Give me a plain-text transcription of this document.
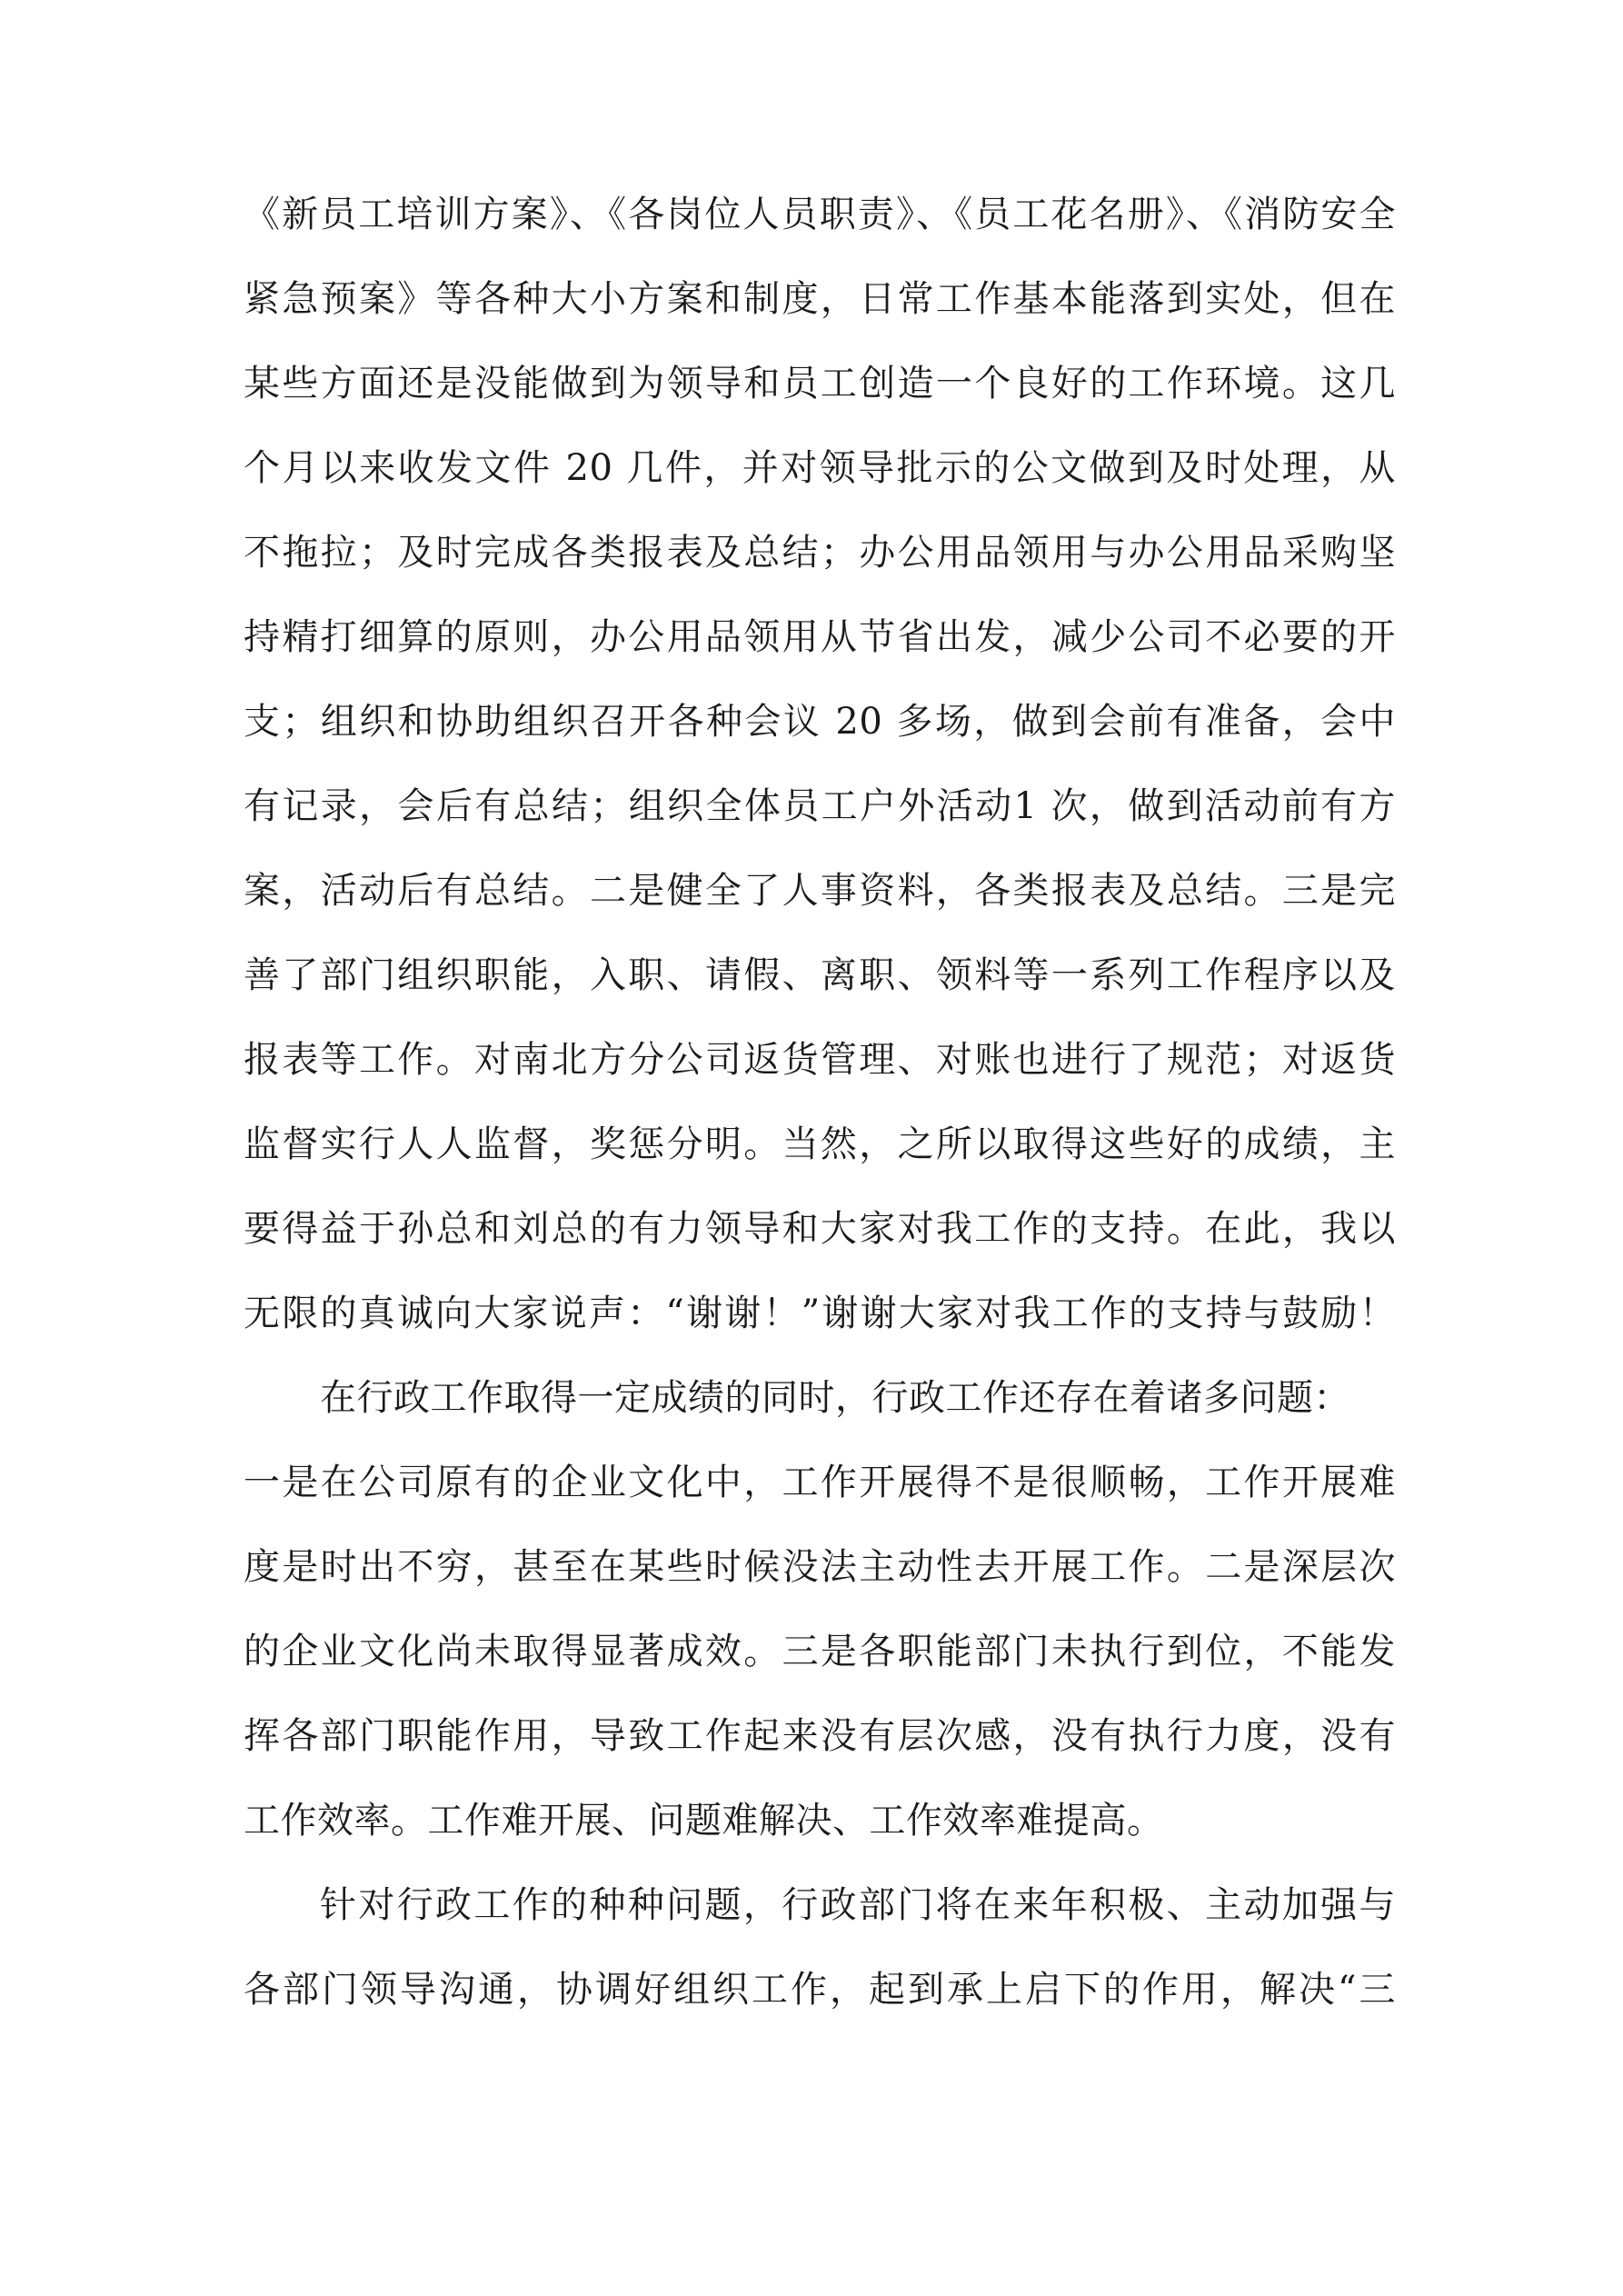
《新员工培训方案》、《各岗位人员职责》、《员工花名册》、《消防安全
紧急预案》等各种大小方案和制度，日常工作基本能落到实处，但在
某些方面还是没能做到为领导和员工创造一个良好的工作环境。这几
个月以来收发文件 20 几件，并对领导批示的公文做到及时处理，从
不拖拉；及时完成各类报表及总结；办公用品领用与办公用品采购坚
持精打细算的原则，办公用品领用从节省出发，减少公司不必要的开
支；组织和协助组织召开各种会议 20 多场，做到会前有准备，会中
有记录，会后有总结；组织全体员工户外活动1 次，做到活动前有方
案，活动后有总结。二是健全了人事资料，各类报表及总结。三是完
善了部门组织职能，入职、请假、离职、领料等一系列工作程序以及
报表等工作。对南北方分公司返货管理、对账也进行了规范；对返货
监督实行人人监督，奖惩分明。当然，之所以取得这些好的成绩，主
要得益于孙总和刘总的有力领导和大家对我工作的支持。在此，我以
无限的真诚向大家说声：“谢谢！”谢谢大家对我工作的支持与鼓励！
在行政工作取得一定成绩的同时，行政工作还存在着诸多问题：
一是在公司原有的企业文化中，工作开展得不是很顺畅，工作开展难
度是时出不穷，甚至在某些时候没法主动性去开展工作。二是深层次
的企业文化尚未取得显著成效。三是各职能部门未执行到位，不能发
挥各部门职能作用，导致工作起来没有层次感，没有执行力度，没有
工作效率。工作难开展、问题难解决、工作效率难提高。
针对行政工作的种种问题，行政部门将在来年积极、主动加强与
各部门领导沟通，协调好组织工作，起到承上启下的作用，解决“三
